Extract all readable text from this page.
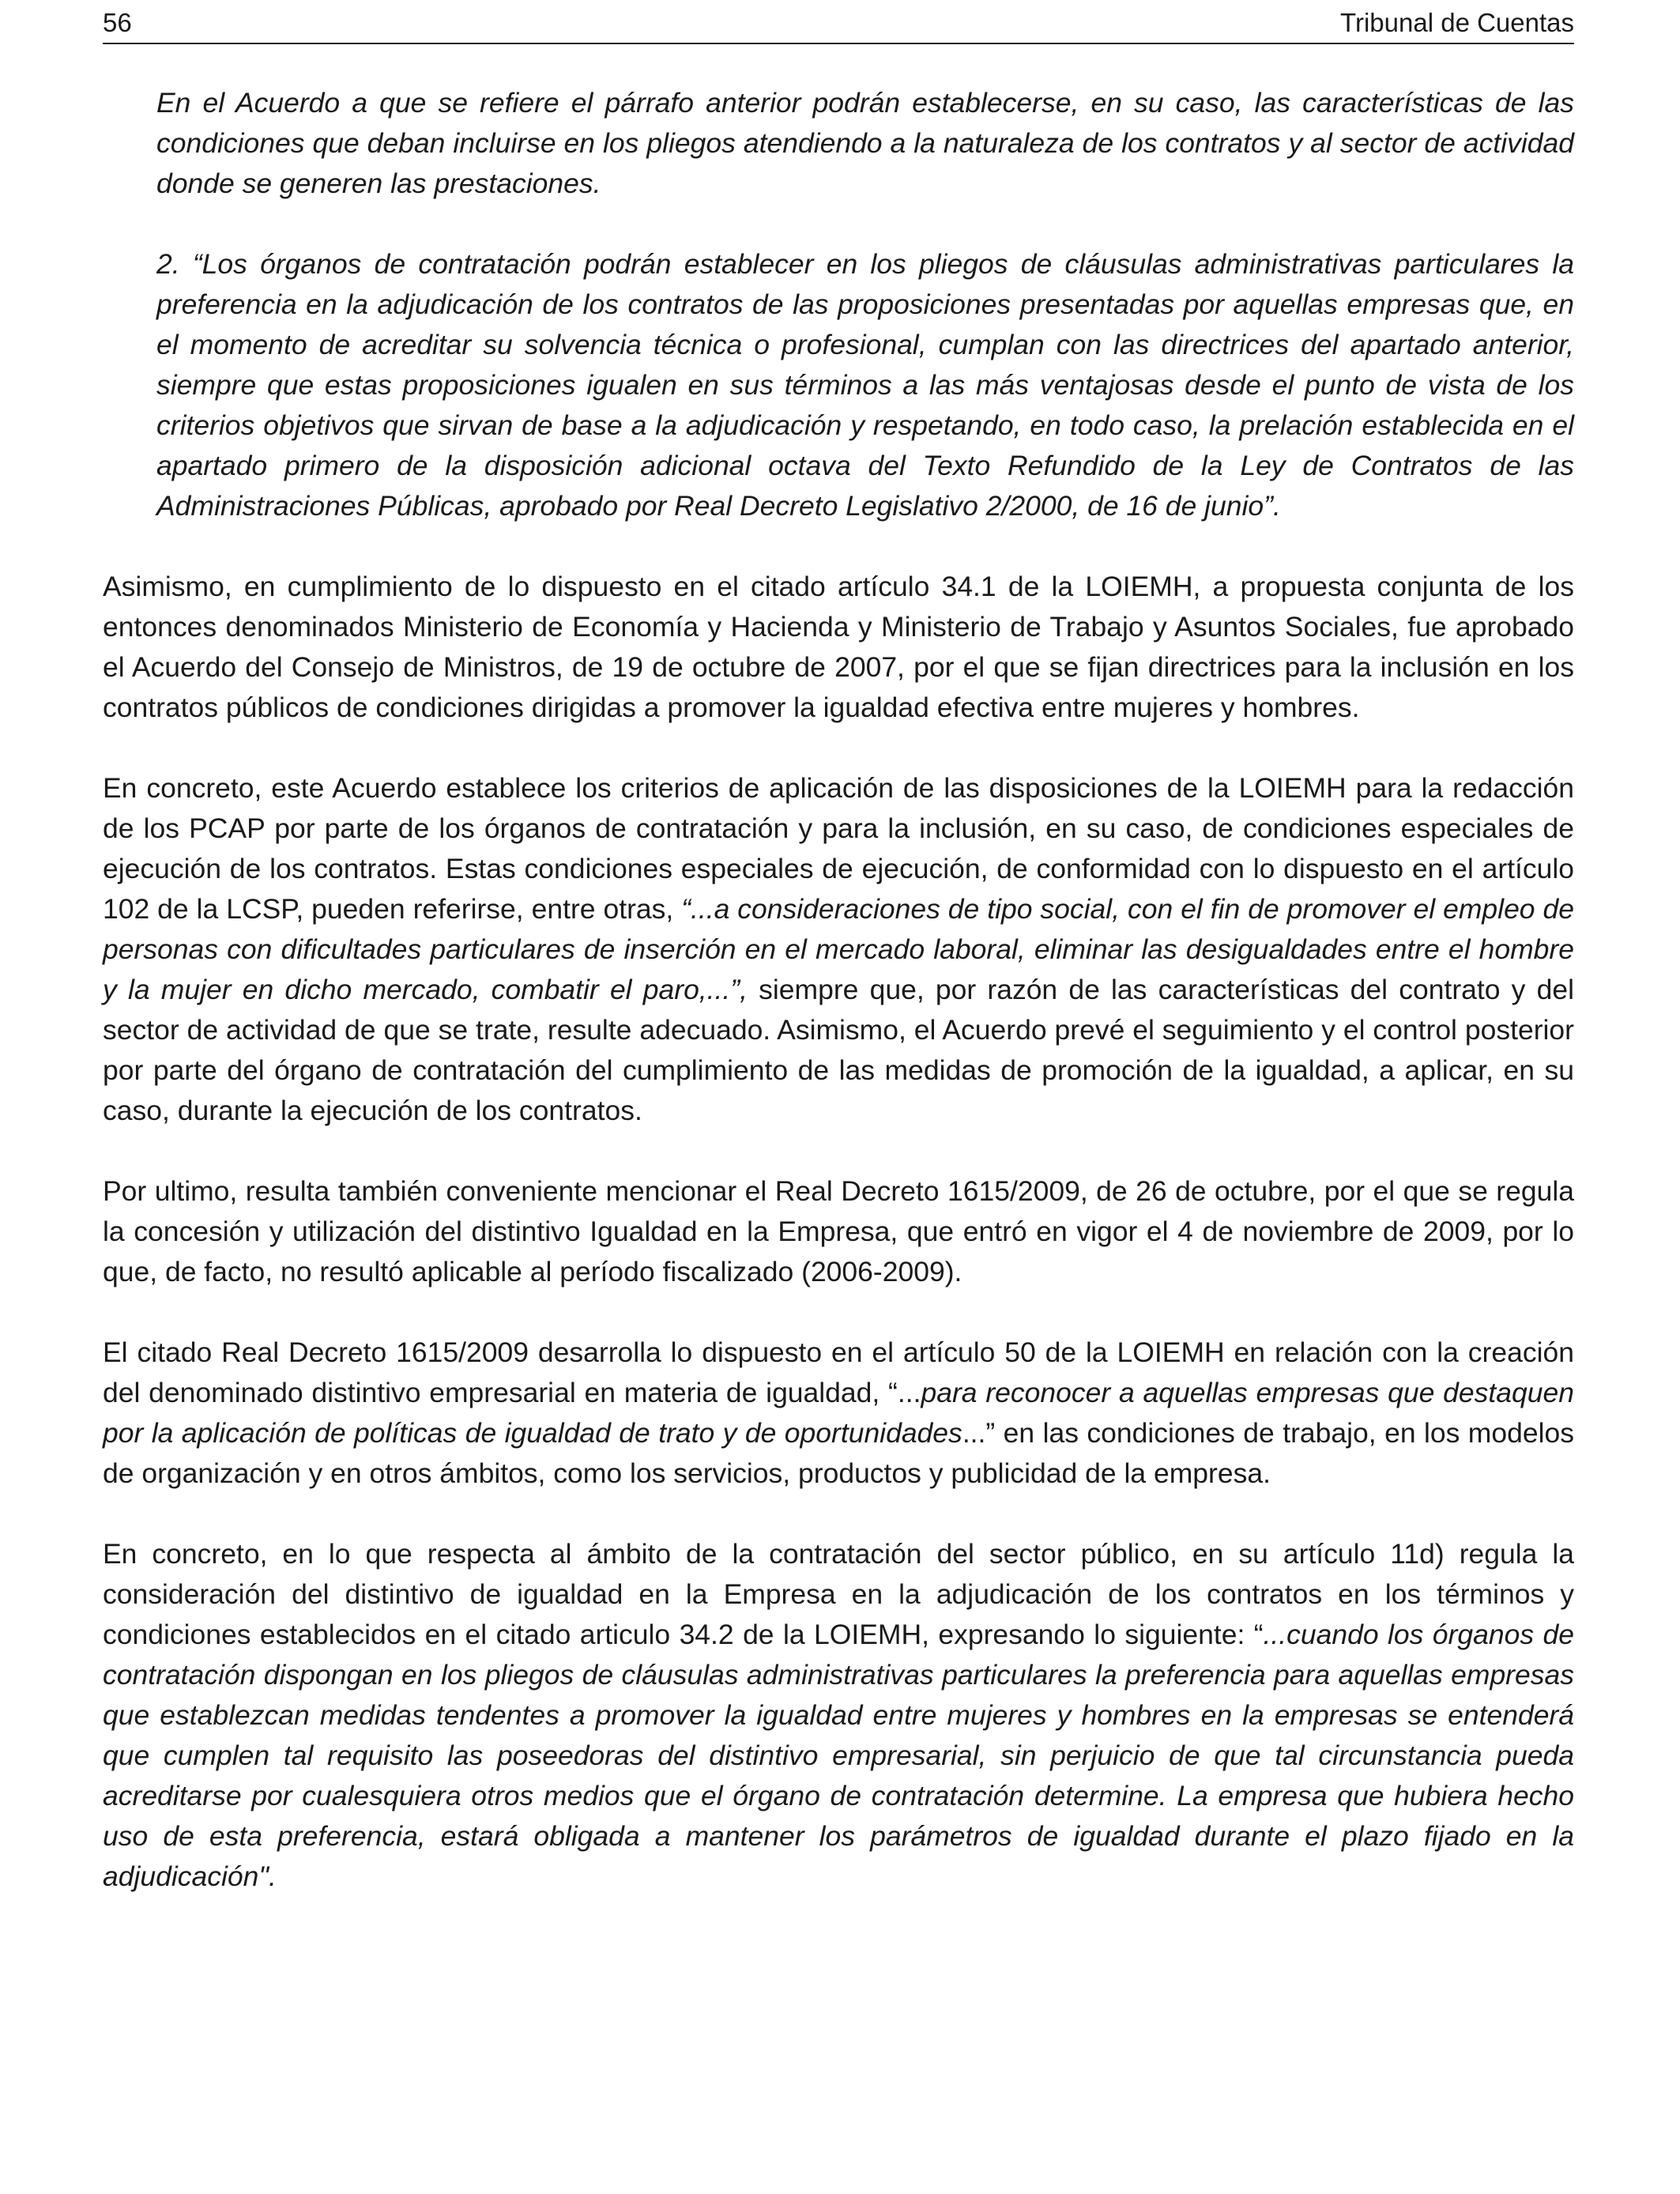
56	Tribunal de Cuentas

En el Acuerdo a que se refiere el párrafo anterior podrán establecerse, en su caso, las características de las condiciones que deban incluirse en los pliegos atendiendo a la naturaleza de los contratos y al sector de actividad donde se generen las prestaciones.

2. “Los órganos de contratación podrán establecer en los pliegos de cláusulas administrativas particulares la preferencia en la adjudicación de los contratos de las proposiciones presentadas por aquellas empresas que, en el momento de acreditar su solvencia técnica o profesional, cumplan con las directrices del apartado anterior, siempre que estas proposiciones igualen en sus términos a las más ventajosas desde el punto de vista de los criterios objetivos que sirvan de base a la adjudicación y respetando, en todo caso, la prelación establecida en el apartado primero de la disposición adicional octava del Texto Refundido de la Ley de Contratos de las Administraciones Públicas, aprobado por Real Decreto Legislativo 2/2000, de 16 de junio”.

Asimismo, en cumplimiento de lo dispuesto en el citado artículo 34.1 de la LOIEMH, a propuesta conjunta de los entonces denominados Ministerio de Economía y Hacienda y Ministerio de Trabajo y Asuntos Sociales, fue aprobado el Acuerdo del Consejo de Ministros, de 19 de octubre de 2007, por el que se fijan directrices para la inclusión en los contratos públicos de condiciones dirigidas a promover la igualdad efectiva entre mujeres y hombres.

En concreto, este Acuerdo establece los criterios de aplicación de las disposiciones de la LOIEMH para la redacción de los PCAP por parte de los órganos de contratación y para la inclusión, en su caso, de condiciones especiales de ejecución de los contratos. Estas condiciones especiales de ejecución, de conformidad con lo dispuesto en el artículo 102 de la LCSP, pueden referirse, entre otras, “...a consideraciones de tipo social, con el fin de promover el empleo de personas con dificultades particulares de inserción en el mercado laboral, eliminar las desigualdades entre el hombre y la mujer en dicho mercado, combatir el paro,...”, siempre que, por razón de las características del contrato y del sector de actividad de que se trate, resulte adecuado. Asimismo, el Acuerdo prevé el seguimiento y el control posterior por parte del órgano de contratación del cumplimiento de las medidas de promoción de la igualdad, a aplicar, en su caso, durante la ejecución de los contratos.

Por ultimo, resulta también conveniente mencionar el Real Decreto 1615/2009, de 26 de octubre, por el que se regula la concesión y utilización del distintivo Igualdad en la Empresa, que entró en vigor el 4 de noviembre de 2009, por lo que, de facto, no resultó aplicable al período fiscalizado (2006-2009).

El citado Real Decreto 1615/2009 desarrolla lo dispuesto en el artículo 50 de la LOIEMH en relación con la creación del denominado distintivo empresarial en materia de igualdad, “...para reconocer a aquellas empresas que destaquen por la aplicación de políticas de igualdad de trato y de oportunidades...” en las condiciones de trabajo, en los modelos de organización y en otros ámbitos, como los servicios, productos y publicidad de la empresa.

En concreto, en lo que respecta al ámbito de la contratación del sector público, en su artículo 11d) regula la consideración del distintivo de igualdad en la Empresa en la adjudicación de los contratos en los términos y condiciones establecidos en el citado articulo 34.2 de la LOIEMH, expresando lo siguiente: “...cuando los órganos de contratación dispongan en los pliegos de cláusulas administrativas particulares la preferencia para aquellas empresas que establezcan medidas tendentes a promover la igualdad entre mujeres y hombres en la empresas se entenderá que cumplen tal requisito las poseedoras del distintivo empresarial, sin perjuicio de que tal circunstancia pueda acreditarse por cualesquiera otros medios que el órgano de contratación determine. La empresa que hubiera hecho uso de esta preferencia, estará obligada a mantener los parámetros de igualdad durante el plazo fijado en la adjudicación".
